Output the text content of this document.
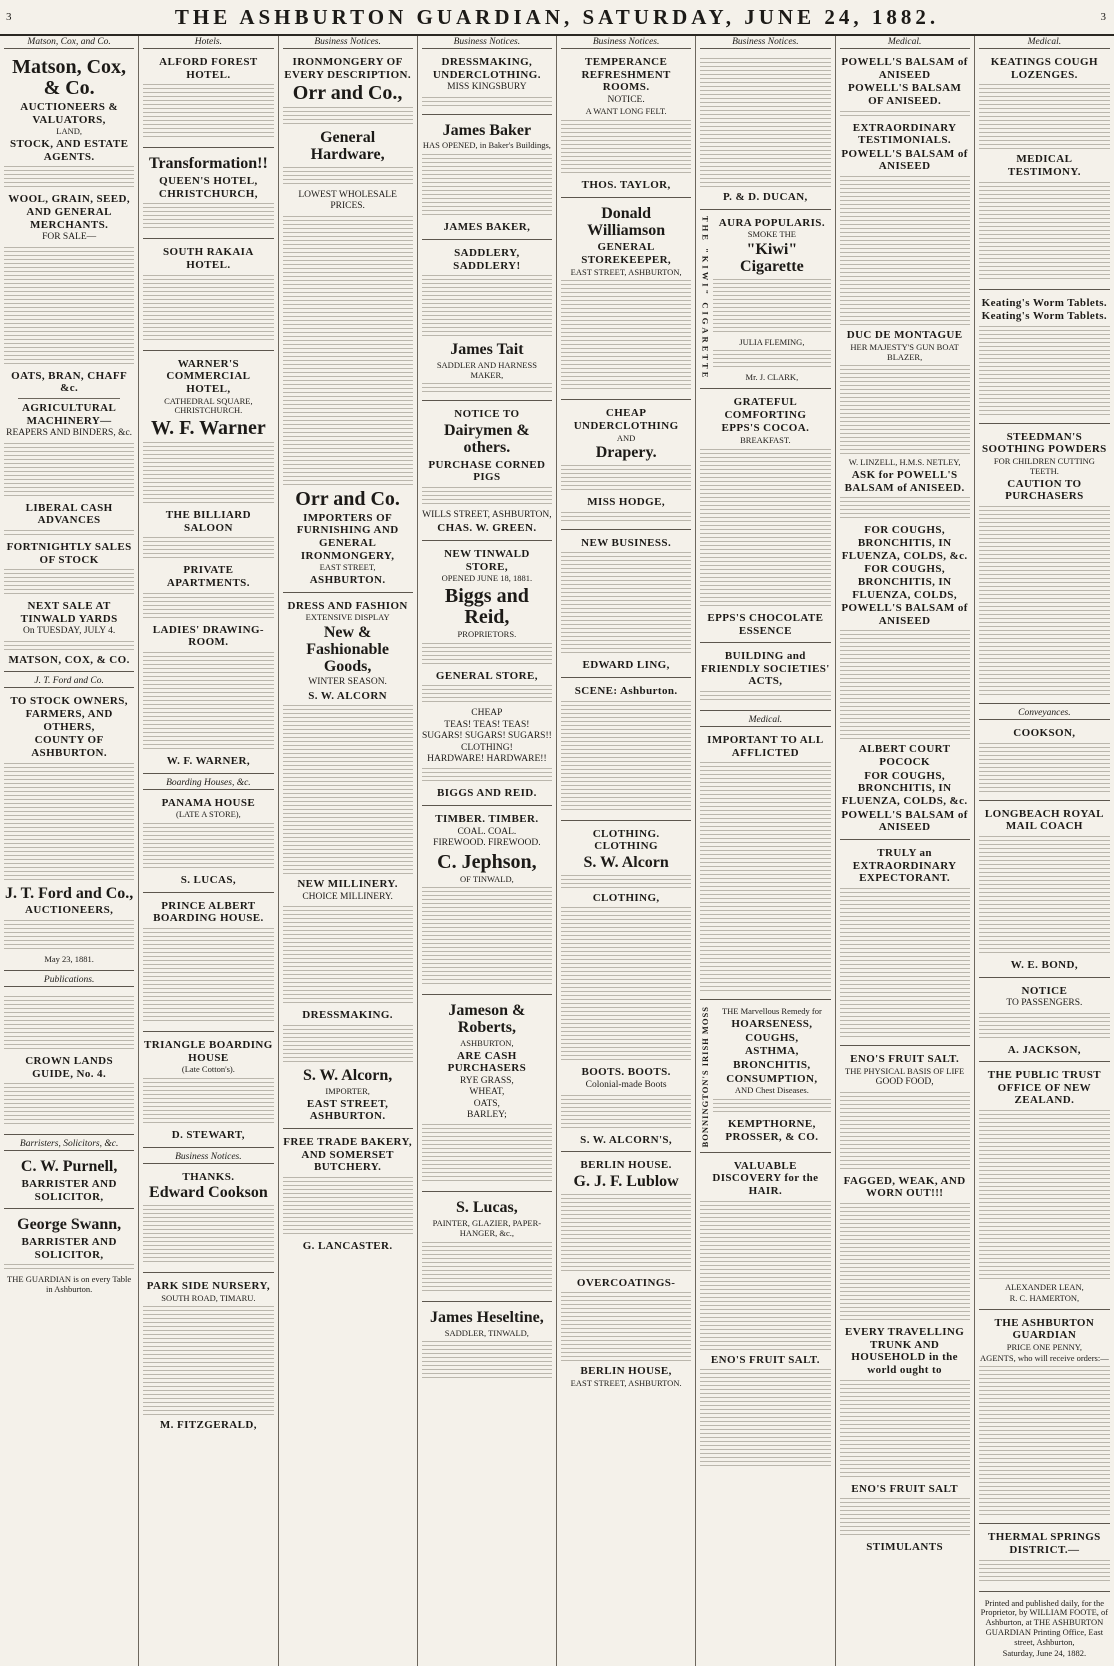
3	THE ASHBURTON GUARDIAN, SATURDAY, JUNE 24, 1882.	3
Matson, Cox, and Co.
Matson, Cox, & Co.
AUCTIONEERS & VALUATORS,
LAND,
STOCK, AND ESTATE AGENTS.
WOOL, GRAIN, SEED, AND GENERAL MERCHANTS.
FOR SALE—
OATS, BRAN, CHAFF &c.
AGRICULTURAL MACHINERY—
REAPERS AND BINDERS, &c.
LIBERAL CASH ADVANCES
FORTNIGHTLY SALES OF STOCK
NEXT SALE AT TINWALD YARDS
On TUESDAY, JULY 4.
MATSON, COX, & CO.
J. T. Ford and Co.
TO STOCK OWNERS, FARMERS, AND OTHERS,
COUNTY OF ASHBURTON.
J. T. Ford and Co.,
AUCTIONEERS,
May 23, 1881.
Publications.
CROWN LANDS GUIDE, No. 4.
Barristers, Solicitors, &c.
C. W. Purnell,
BARRISTER AND SOLICITOR,
George Swann,
BARRISTER AND SOLICITOR,
THE GUARDIAN is on every Table in Ashburton.
Hotels.
ALFORD FOREST HOTEL.
Transformation!!
QUEEN'S HOTEL, CHRISTCHURCH,
SOUTH RAKAIA HOTEL.
WARNER'S COMMERCIAL HOTEL,
CATHEDRAL SQUARE, CHRISTCHURCH.
W. F. Warner
THE BILLIARD SALOON
PRIVATE APARTMENTS.
LADIES' DRAWING-ROOM.
W. F. WARNER,
Boarding Houses, &c.
PANAMA HOUSE
(LATE A STORE),
S. LUCAS,
PRINCE ALBERT BOARDING HOUSE.
TRIANGLE BOARDING HOUSE
(Late Cotton's).
D. STEWART,
Business Notices.
THANKS.
Edward Cookson
PARK SIDE NURSERY,
SOUTH ROAD, TIMARU.
M. FITZGERALD,
Business Notices.
IRONMONGERY OF EVERY DESCRIPTION.
Orr and Co.,
General Hardware,
LOWEST WHOLESALE PRICES.
Orr and Co.
IMPORTERS OF FURNISHING AND GENERAL IRONMONGERY,
EAST STREET,
ASHBURTON.
DRESS AND FASHION
EXTENSIVE DISPLAY
New & Fashionable Goods,
WINTER SEASON.
S. W. ALCORN
NEW MILLINERY.
CHOICE MILLINERY.
DRESSMAKING.
S. W. Alcorn,
IMPORTER,
EAST STREET, ASHBURTON.
FREE TRADE BAKERY, AND SOMERSET BUTCHERY.
G. LANCASTER.
Business Notices.
DRESSMAKING, UNDERCLOTHING.
MISS KINGSBURY
James Baker
HAS OPENED, in Baker's Buildings,
JAMES BAKER,
SADDLERY, SADDLERY!
James Tait
SADDLER AND HARNESS MAKER,
NOTICE TO
Dairymen & others.
PURCHASE CORNED PIGS
WILLS STREET, ASHBURTON,
CHAS. W. GREEN.
NEW TINWALD STORE,
OPENED JUNE 18, 1881.
Biggs and Reid,
PROPRIETORS.
GENERAL STORE,
CHEAP
TEAS! TEAS! TEAS!
SUGARS! SUGARS! SUGARS!!
CLOTHING!
HARDWARE! HARDWARE!!
BIGGS AND REID.
TIMBER. TIMBER.
COAL. COAL.
FIREWOOD. FIREWOOD.
C. Jephson,
OF TINWALD,
Jameson & Roberts,
ASHBURTON,
ARE CASH PURCHASERS
RYE GRASS,
WHEAT,
OATS,
BARLEY;
S. Lucas,
PAINTER, GLAZIER, PAPER-HANGER, &c.,
James Heseltine,
SADDLER, TINWALD,
Business Notices.
TEMPERANCE REFRESHMENT ROOMS.
NOTICE.
A WANT LONG FELT.
THOS. TAYLOR,
Donald Williamson
GENERAL STOREKEEPER,
EAST STREET, ASHBURTON,
CHEAP UNDERCLOTHING
AND
Drapery.
MISS HODGE,
NEW BUSINESS.
EDWARD LING,
SCENE: Ashburton.
CLOTHING. CLOTHING
S. W. Alcorn
CLOTHING,
BOOTS. BOOTS.
Colonial-made Boots
S. W. ALCORN'S,
BERLIN HOUSE.
G. J. F. Lublow
OVERCOATINGS-
BERLIN HOUSE,
EAST STREET, ASHBURTON.
Business Notices.
P. & D. DUCAN,
THE "KIWI" CIGARETTE AURA POPULARIS.
SMOKE THE
"Kiwi" Cigarette
JULIA FLEMING,
Mr. J. CLARK,
GRATEFUL COMFORTING
EPPS'S COCOA.
BREAKFAST.
EPPS'S CHOCOLATE ESSENCE
BUILDING and FRIENDLY SOCIETIES' ACTS,
Medical.
IMPORTANT TO ALL AFFLICTED
BONNINGTON'S IRISH MOSS	THE Marvellous Remedy for
HOARSENESS,
COUGHS,
ASTHMA,
BRONCHITIS,
CONSUMPTION,
AND Chest Diseases.
KEMPTHORNE, PROSSER, & CO.
VALUABLE DISCOVERY for the HAIR.
ENO'S FRUIT SALT.
Medical.
POWELL'S BALSAM of ANISEED
POWELL'S BALSAM OF ANISEED.
EXTRAORDINARY TESTIMONIALS.
POWELL'S BALSAM of ANISEED
DUC DE MONTAGUE
HER MAJESTY'S GUN BOAT BLAZER,
W. LINZELL, H.M.S. NETLEY,
ASK for POWELL'S BALSAM of ANISEED.
FOR COUGHS, BRONCHITIS, IN FLUENZA, COLDS, &c.
FOR COUGHS, BRONCHITIS, IN FLUENZA, COLDS,
POWELL'S BALSAM of ANISEED
ALBERT COURT POCOCK
FOR COUGHS, BRONCHITIS, IN FLUENZA, COLDS, &c.
POWELL'S BALSAM of ANISEED
TRULY an EXTRAORDINARY EXPECTORANT.
ENO'S FRUIT SALT.
THE PHYSICAL BASIS OF LIFE
GOOD FOOD,
FAGGED, WEAK, AND WORN OUT!!!
EVERY TRAVELLING TRUNK AND HOUSEHOLD in the world ought to
ENO'S FRUIT SALT
STIMULANTS
Medical.
KEATINGS COUGH LOZENGES.
MEDICAL TESTIMONY.
Keating's Worm Tablets.
Keating's Worm Tablets.
STEEDMAN'S SOOTHING POWDERS
FOR CHILDREN CUTTING TEETH.
CAUTION TO PURCHASERS
Conveyances.
COOKSON,
LONGBEACH ROYAL MAIL COACH
W. E. BOND,
NOTICE
TO PASSENGERS.
A. JACKSON,
THE PUBLIC TRUST OFFICE OF NEW ZEALAND.
ALEXANDER LEAN,
R. C. HAMERTON,
THE ASHBURTON GUARDIAN
PRICE ONE PENNY,
AGENTS, who will receive orders:—
THERMAL SPRINGS DISTRICT.—
Printed and published daily, for the Proprietor, by WILLIAM FOOTE, of Ashburton, at THE ASHBURTON GUARDIAN Printing Office, East street, Ashburton,
Saturday, June 24, 1882.
